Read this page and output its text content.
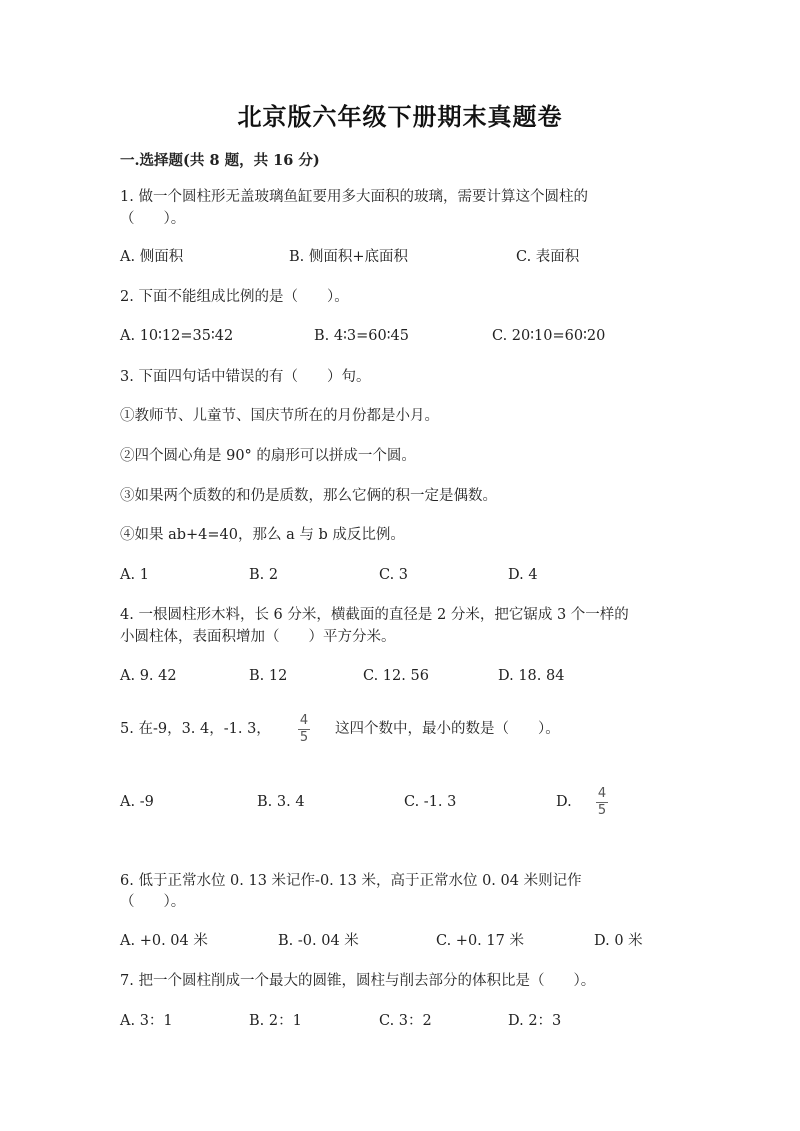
北京版六年级下册期末真题卷
一.选择题(共 8 题，共 16 分)
1. 做一个圆柱形无盖玻璃鱼缸要用多大面积的玻璃，需要计算这个圆柱的
（　　）。
A. 侧面积	B. 侧面积+底面积	C. 表面积
2. 下面不能组成比例的是（　　）。
A. 10∶12=35∶42	B. 4∶3=60∶45	C. 20∶10=60∶20
3. 下面四句话中错误的有（　　）句。
①教师节、儿童节、国庆节所在的月份都是小月。
②四个圆心角是 90° 的扇形可以拼成一个圆。
③如果两个质数的和仍是质数，那么它俩的积一定是偶数。
④如果 ab+4=40，那么 a 与 b 成反比例。
A. 1	B. 2	C. 3	D. 4
4. 一根圆柱形木料，长 6 分米，横截面的直径是 2 分米，把它锯成 3 个一样的
小圆柱体，表面积增加（　　）平方分米。
A. 9. 42	B. 12	C. 12. 56	D. 18. 84
5. 在-9，3. 4，-1. 3，
4
5
这四个数中，最小的数是（　　）。
A. -9	B. 3. 4	C. -1. 3	D.
4
5
6. 低于正常水位 0. 13 米记作-0. 13 米，高于正常水位 0. 04 米则记作
（　　）。
A. +0. 04 米	B. -0. 04 米	C. +0. 17 米	D. 0 米
7. 把一个圆柱削成一个最大的圆锥，圆柱与削去部分的体积比是（　　）。
A. 3：1	B. 2：1	C. 3：2	D. 2：3
